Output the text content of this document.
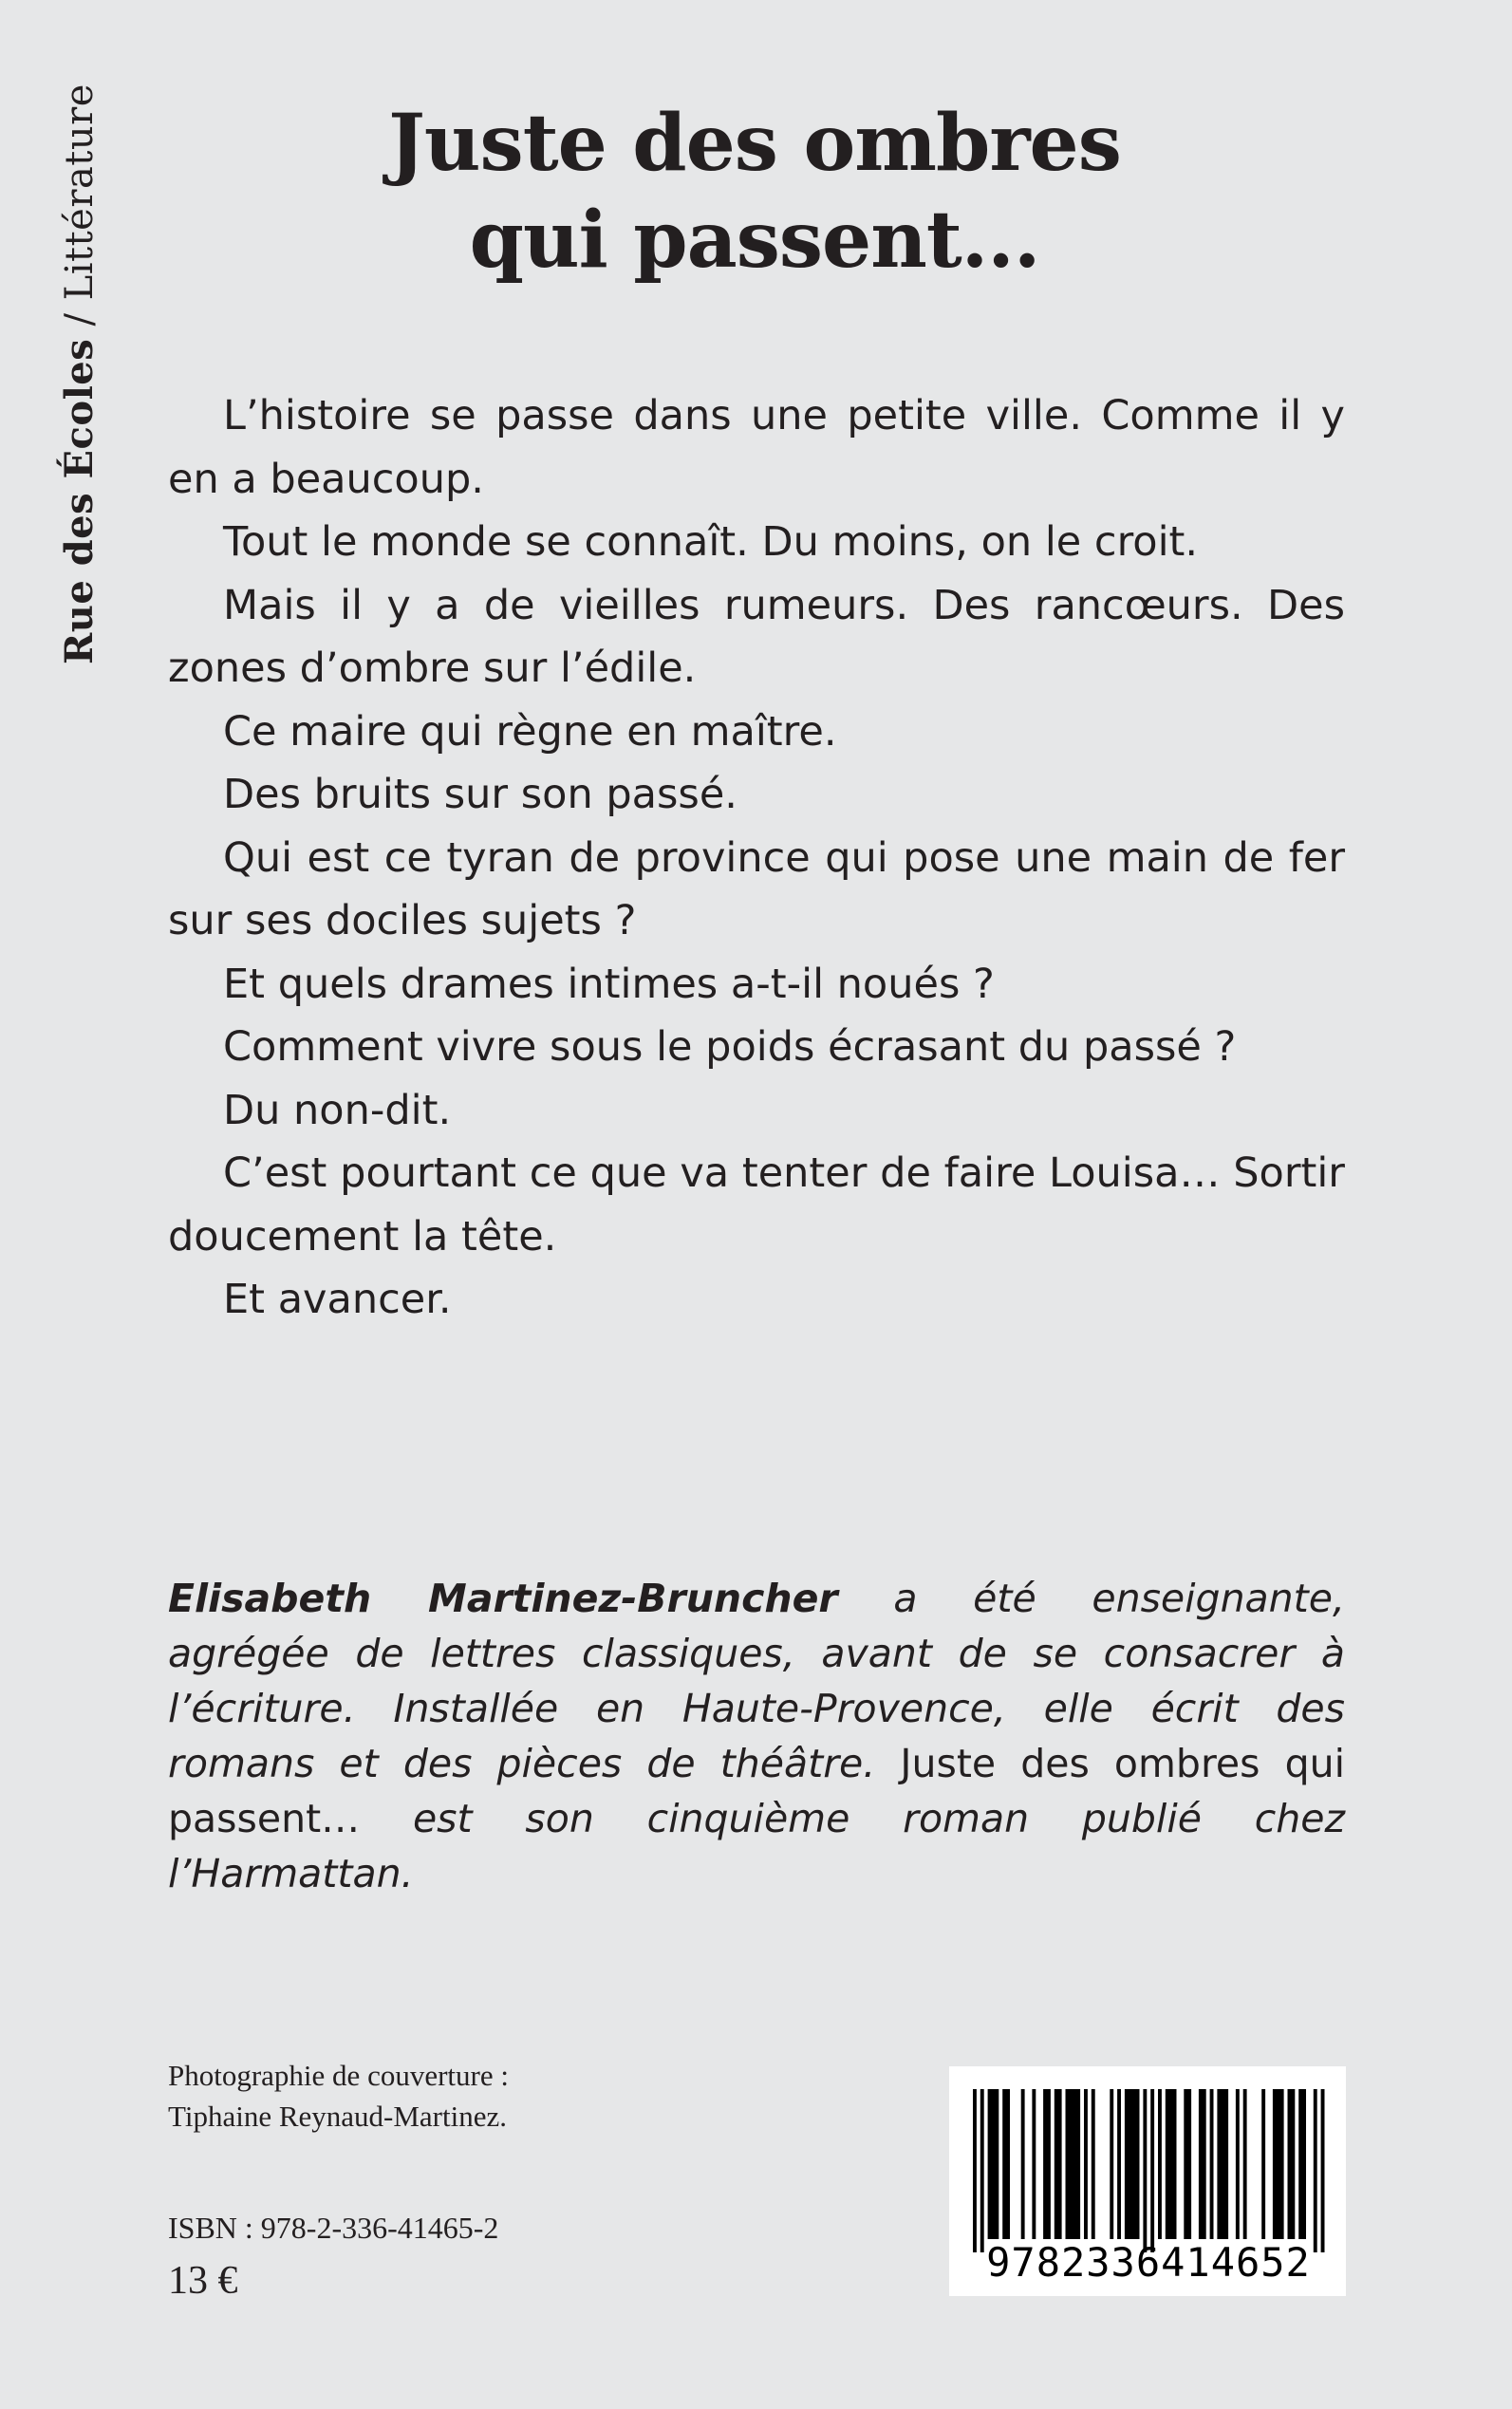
Rue des Écoles / Littérature	Juste des ombres
qui passent...

L’histoire se passe dans une petite ville. Comme il y en a beaucoup.

Tout le monde se connaît. Du moins, on le croit.

Mais il y a de vieilles rumeurs. Des rancœurs. Des zones d’ombre sur l’édile.

Ce maire qui règne en maître.

Des bruits sur son passé.

Qui est ce tyran de province qui pose une main de fer sur ses dociles sujets ?

Et quels drames intimes a-t-il noués ?

Comment vivre sous le poids écrasant du passé ?

Du non-dit.

C’est pourtant ce que va tenter de faire Louisa… Sortir doucement la tête.

Et avancer.

Elisabeth Martinez-Bruncher a été enseignante, agrégée de lettres classiques, avant de se consacrer à l’écriture. Installée en Haute-Provence, elle écrit des romans et des pièces de théâtre. Juste des ombres qui passent… est son cinquième roman publié chez l’Harmattan.
Photographie de couverture :
Tiphaine Reynaud-Martinez.
ISBN : 978-2-336-41465-2
13 €	9782336414652
